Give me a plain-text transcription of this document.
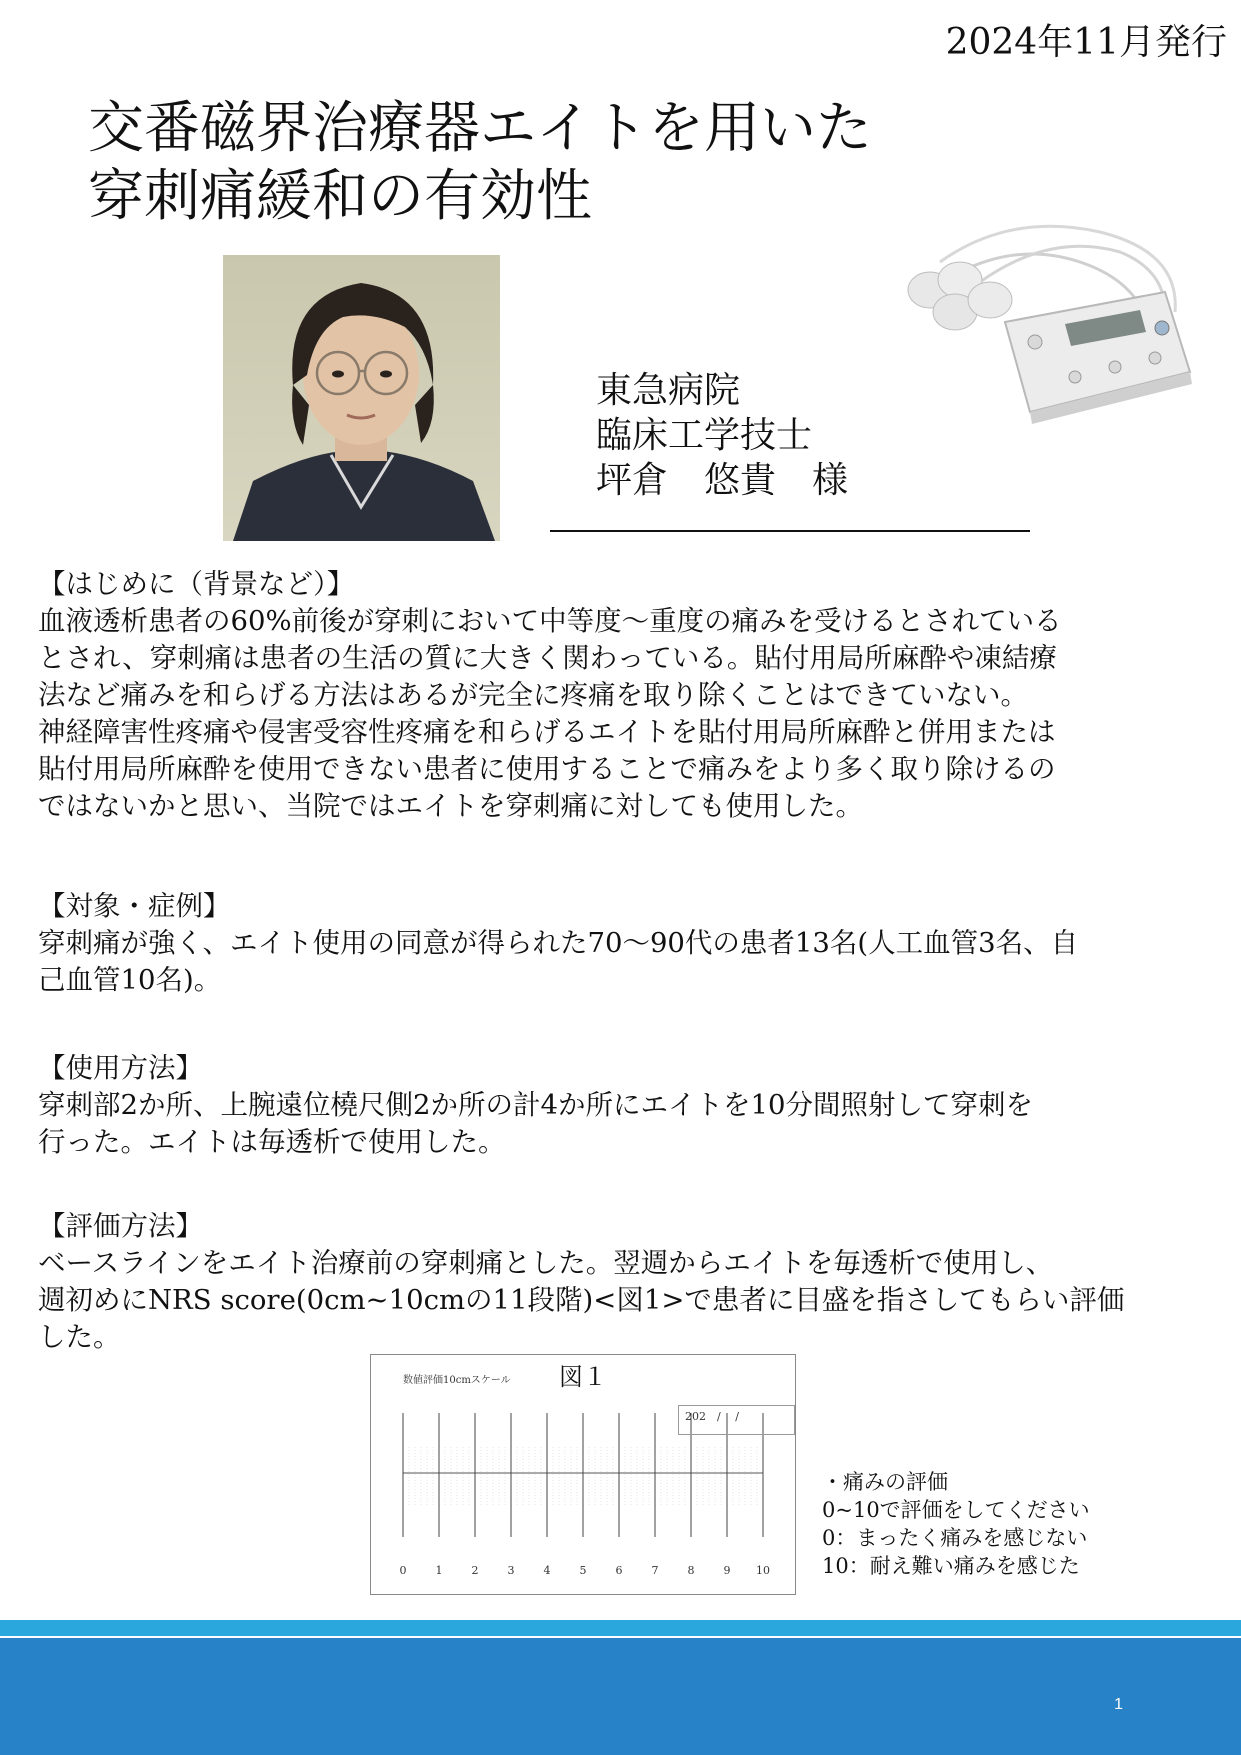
2024年11月発行
交番磁界治療器エイトを用いた
穿刺痛緩和の有効性
東急病院
臨床工学技士
坪倉　悠貴　様
【はじめに（背景など）】
血液透析患者の60%前後が穿刺において中等度～重度の痛みを受けるとされている
とされ、穿刺痛は患者の生活の質に大きく関わっている。貼付用局所麻酔や凍結療
法など痛みを和らげる方法はあるが完全に疼痛を取り除くことはできていない。
神経障害性疼痛や侵害受容性疼痛を和らげるエイトを貼付用局所麻酔と併用または
貼付用局所麻酔を使用できない患者に使用することで痛みをより多く取り除けるの
ではないかと思い、当院ではエイトを穿刺痛に対しても使用した。
【対象・症例】
穿刺痛が強く、エイト使用の同意が得られた70～90代の患者13名(人工血管3名、自
己血管10名)。
【使用方法】
穿刺部2か所、上腕遠位橈尺側2か所の計4か所にエイトを10分間照射して穿刺を
行った。エイトは毎透析で使用した。
【評価方法】
ベースラインをエイト治療前の穿刺痛とした。翌週からエイトを毎透析で使用し、
週初めにNRS score(0cm~10cmの11段階)<図1>で患者に目盛を指さしてもらい評価
した。
0	1	2	3	4	5	6	7	8	9 10
図１
数値評価10cmスケール
202　/　 /
・痛みの評価
0~10で評価をしてください
0：まったく痛みを感じない
10：耐え難い痛みを感じた
1
